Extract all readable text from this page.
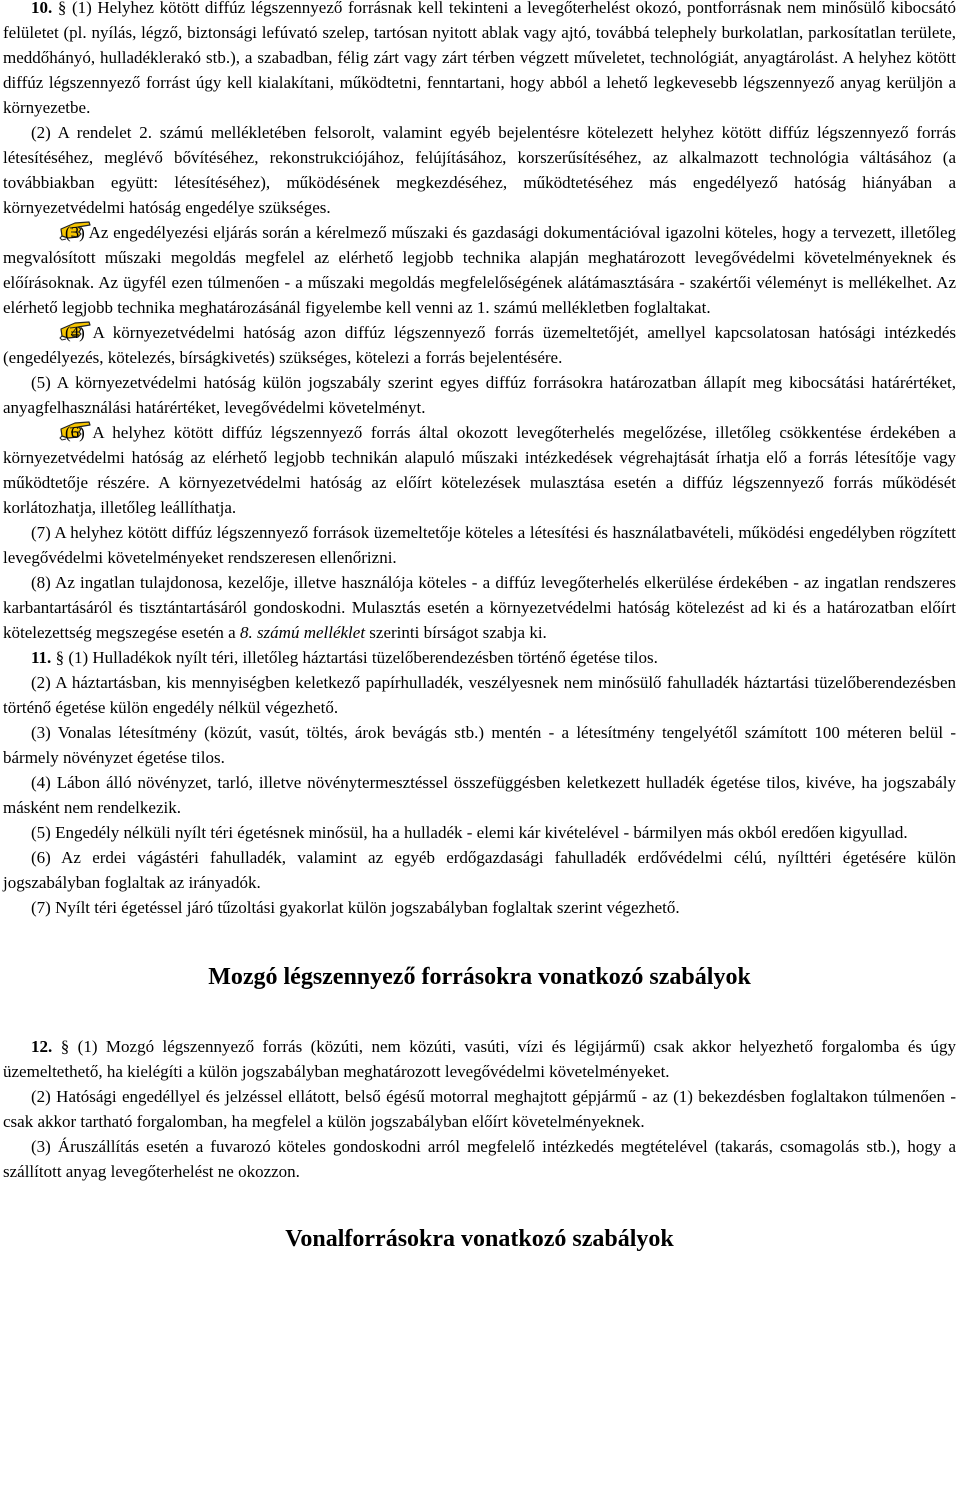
10. § (1) Helyhez kötött diffúz légszennyező forrásnak kell tekinteni a levegőterhelést okozó, pontforrásnak nem minősülő kibocsátó felületet (pl. nyílás, légző, biztonsági lefúvató szelep, tartósan nyitott ablak vagy ajtó, továbbá telephely burkolatlan, parkosítatlan területe, meddőhányó, hulladéklerakó stb.), a szabadban, félig zárt vagy zárt térben végzett műveletet, technológiát, anyagtárolást. A helyhez kötött diffúz légszennyező forrást úgy kell kialakítani, működtetni, fenntartani, hogy abból a lehető legkevesebb légszennyező anyag kerüljön a környezetbe.

(2) A rendelet 2. számú mellékletében felsorolt, valamint egyéb bejelentésre kötelezett helyhez kötött diffúz légszennyező forrás létesítéséhez, meglévő bővítéséhez, rekonstrukciójához, felújításához, korszerűsítéséhez, az alkalmazott technológia váltásához (a továbbiakban együtt: létesítéséhez), működésének megkezdéséhez, működtetéséhez más engedélyező hatóság hiányában a környezetvédelmi hatóság engedélye szükséges.

(3) Az engedélyezési eljárás során a kérelmező műszaki és gazdasági dokumentációval igazolni köteles, hogy a tervezett, illetőleg megvalósított műszaki megoldás megfelel az elérhető legjobb technika alapján meghatározott levegővédelmi követelményeknek és előírásoknak. Az ügyfél ezen túlmenően - a műszaki megoldás megfelelőségének alátámasztására - szakértői véleményt is mellékelhet. Az elérhető legjobb technika meghatározásánál figyelembe kell venni az 1. számú mellékletben foglaltakat.

(4) A környezetvédelmi hatóság azon diffúz légszennyező forrás üzemeltetőjét, amellyel kapcsolatosan hatósági intézkedés (engedélyezés, kötelezés, bírságkivetés) szükséges, kötelezi a forrás bejelentésére.

(5) A környezetvédelmi hatóság külön jogszabály szerint egyes diffúz forrásokra határozatban állapít meg kibocsátási határértéket, anyagfelhasználási határértéket, levegővédelmi követelményt.

(6) A helyhez kötött diffúz légszennyező forrás által okozott levegőterhelés megelőzése, illetőleg csökkentése érdekében a környezetvédelmi hatóság az elérhető legjobb technikán alapuló műszaki intézkedések végrehajtását írhatja elő a forrás létesítője vagy működtetője részére. A környezetvédelmi hatóság az előírt kötelezések mulasztása esetén a diffúz légszennyező forrás működését korlátozhatja, illetőleg leállíthatja.

(7) A helyhez kötött diffúz légszennyező források üzemeltetője köteles a létesítési és használatbavételi, működési engedélyben rögzített levegővédelmi követelményeket rendszeresen ellenőrizni.

(8) Az ingatlan tulajdonosa, kezelője, illetve használója köteles - a diffúz levegőterhelés elkerülése érdekében - az ingatlan rendszeres karbantartásáról és tisztántartásáról gondoskodni. Mulasztás esetén a környezetvédelmi hatóság kötelezést ad ki és a határozatban előírt kötelezettség megszegése esetén a 8. számú melléklet szerinti bírságot szabja ki.

11. § (1) Hulladékok nyílt téri, illetőleg háztartási tüzelőberendezésben történő égetése tilos.

(2) A háztartásban, kis mennyiségben keletkező papírhulladék, veszélyesnek nem minősülő fahulladék háztartási tüzelőberendezésben történő égetése külön engedély nélkül végezhető.

(3) Vonalas létesítmény (közút, vasút, töltés, árok bevágás stb.) mentén - a létesítmény tengelyétől számított 100 méteren belül - bármely növényzet égetése tilos.

(4) Lábon álló növényzet, tarló, illetve növénytermesztéssel összefüggésben keletkezett hulladék égetése tilos, kivéve, ha jogszabály másként nem rendelkezik.

(5) Engedély nélküli nyílt téri égetésnek minősül, ha a hulladék - elemi kár kivételével - bármilyen más okból eredően kigyullad.

(6) Az erdei vágástéri fahulladék, valamint az egyéb erdőgazdasági fahulladék erdővédelmi célú, nyílttéri égetésére külön jogszabályban foglaltak az irányadók.

(7) Nyílt téri égetéssel járó tűzoltási gyakorlat külön jogszabályban foglaltak szerint végezhető.

Mozgó légszennyező forrásokra vonatkozó szabályok

12. § (1) Mozgó légszennyező forrás (közúti, nem közúti, vasúti, vízi és légijármű) csak akkor helyezhető forgalomba és úgy üzemeltethető, ha kielégíti a külön jogszabályban meghatározott levegővédelmi követelményeket.

(2) Hatósági engedéllyel és jelzéssel ellátott, belső égésű motorral meghajtott gépjármű - az (1) bekezdésben foglaltakon túlmenően - csak akkor tartható forgalomban, ha megfelel a külön jogszabályban előírt követelményeknek.

(3) Áruszállítás esetén a fuvarozó köteles gondoskodni arról megfelelő intézkedés megtételével (takarás, csomagolás stb.), hogy a szállított anyag levegőterhelést ne okozzon.

Vonalforrásokra vonatkozó szabályok
